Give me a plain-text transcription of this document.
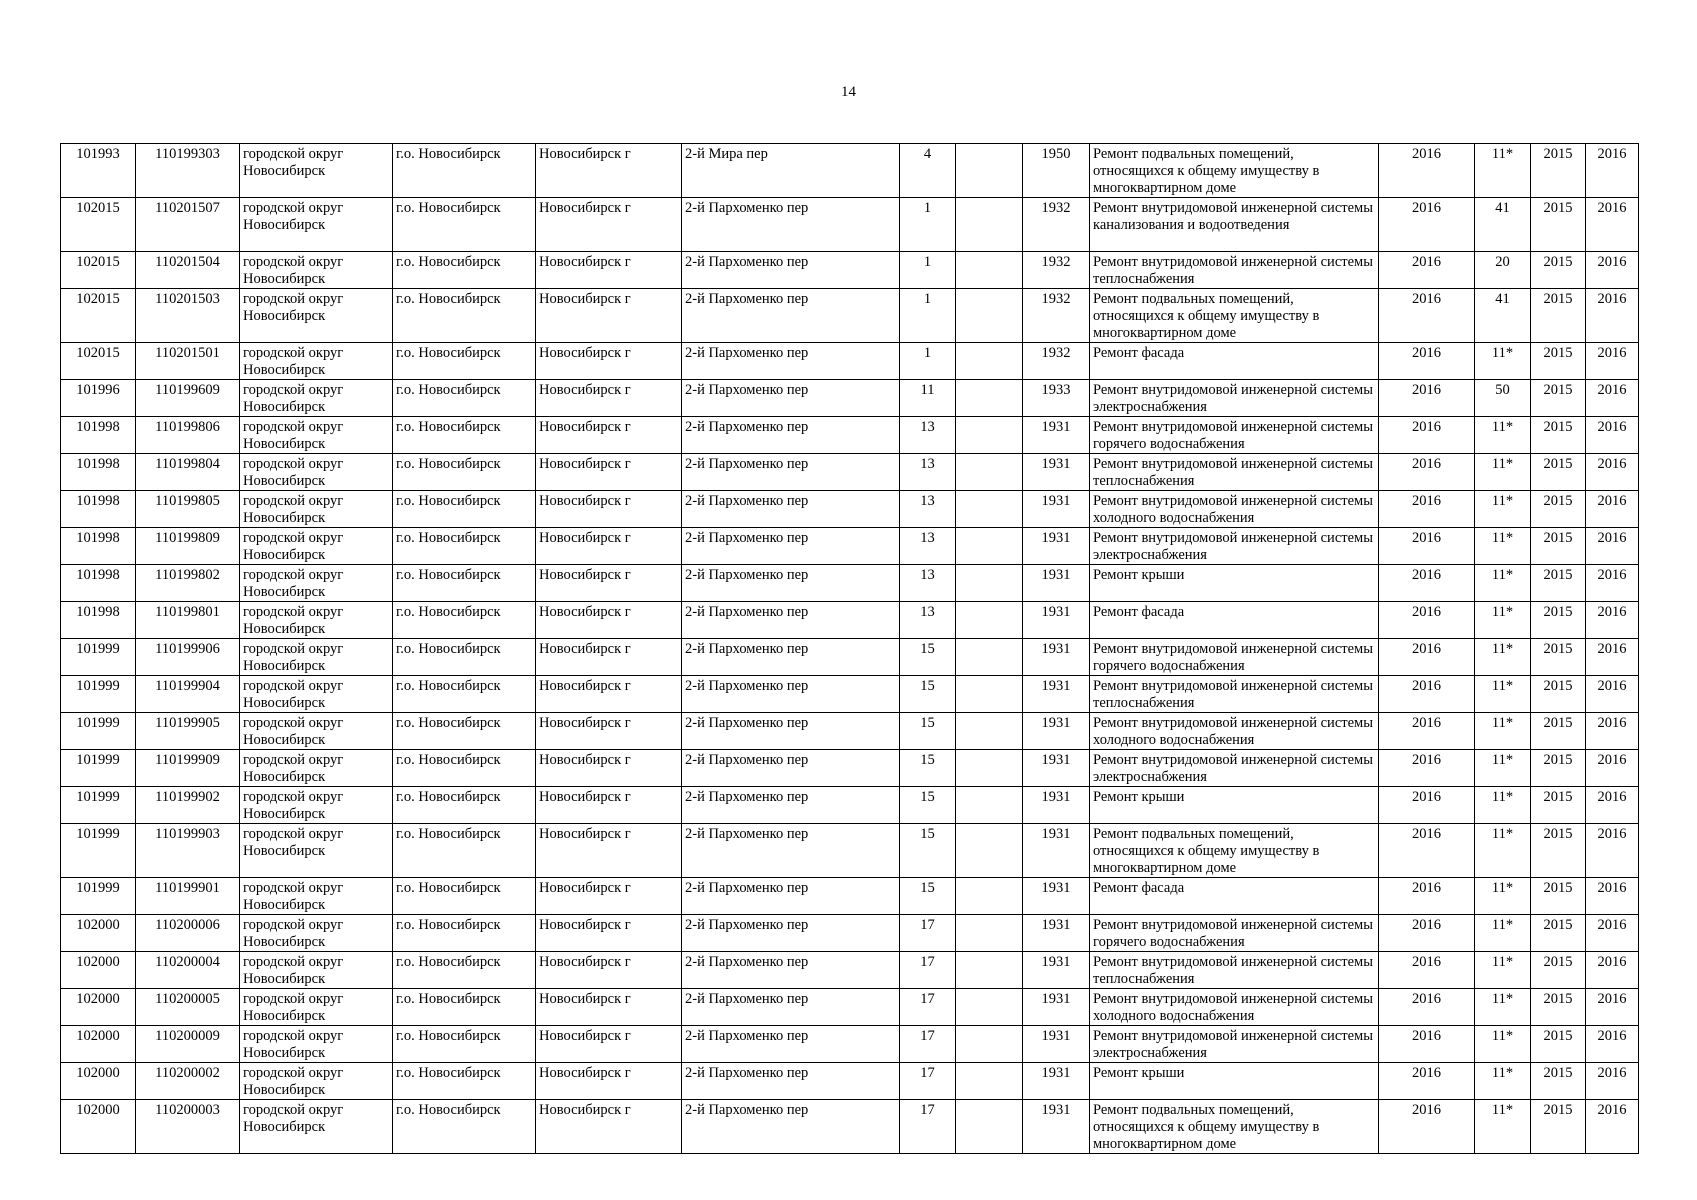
14
101993	110199303	городской округ Новосибирск	г.о. Новосибирск	Новосибирск г	2-й Мира пер	4		1950	Ремонт подвальных помещений, относящихся к общему имуществу в многоквартирном доме	2016	11*	2015	2016
102015	110201507	городской округ Новосибирск	г.о. Новосибирск	Новосибирск г	2-й Пархоменко пер	1		1932	Ремонт внутридомовой инженерной системы канализования и водоотведения	2016	41	2015	2016
102015	110201504	городской округ Новосибирск	г.о. Новосибирск	Новосибирск г	2-й Пархоменко пер	1		1932	Ремонт внутридомовой инженерной системы теплоснабжения	2016	20	2015	2016
102015	110201503	городской округ Новосибирск	г.о. Новосибирск	Новосибирск г	2-й Пархоменко пер	1		1932	Ремонт подвальных помещений, относящихся к общему имуществу в многоквартирном доме	2016	41	2015	2016
102015	110201501	городской округ Новосибирск	г.о. Новосибирск	Новосибирск г	2-й Пархоменко пер	1		1932	Ремонт фасада	2016	11*	2015	2016
101996	110199609	городской округ Новосибирск	г.о. Новосибирск	Новосибирск г	2-й Пархоменко пер	11		1933	Ремонт внутридомовой инженерной системы электроснабжения	2016	50	2015	2016
101998	110199806	городской округ Новосибирск	г.о. Новосибирск	Новосибирск г	2-й Пархоменко пер	13		1931	Ремонт внутридомовой инженерной системы горячего водоснабжения	2016	11*	2015	2016
101998	110199804	городской округ Новосибирск	г.о. Новосибирск	Новосибирск г	2-й Пархоменко пер	13		1931	Ремонт внутридомовой инженерной системы теплоснабжения	2016	11*	2015	2016
101998	110199805	городской округ Новосибирск	г.о. Новосибирск	Новосибирск г	2-й Пархоменко пер	13		1931	Ремонт внутридомовой инженерной системы холодного водоснабжения	2016	11*	2015	2016
101998	110199809	городской округ Новосибирск	г.о. Новосибирск	Новосибирск г	2-й Пархоменко пер	13		1931	Ремонт внутридомовой инженерной системы электроснабжения	2016	11*	2015	2016
101998	110199802	городской округ Новосибирск	г.о. Новосибирск	Новосибирск г	2-й Пархоменко пер	13		1931	Ремонт крыши	2016	11*	2015	2016
101998	110199801	городской округ Новосибирск	г.о. Новосибирск	Новосибирск г	2-й Пархоменко пер	13		1931	Ремонт фасада	2016	11*	2015	2016
101999	110199906	городской округ Новосибирск	г.о. Новосибирск	Новосибирск г	2-й Пархоменко пер	15		1931	Ремонт внутридомовой инженерной системы горячего водоснабжения	2016	11*	2015	2016
101999	110199904	городской округ Новосибирск	г.о. Новосибирск	Новосибирск г	2-й Пархоменко пер	15		1931	Ремонт внутридомовой инженерной системы теплоснабжения	2016	11*	2015	2016
101999	110199905	городской округ Новосибирск	г.о. Новосибирск	Новосибирск г	2-й Пархоменко пер	15		1931	Ремонт внутридомовой инженерной системы холодного водоснабжения	2016	11*	2015	2016
101999	110199909	городской округ Новосибирск	г.о. Новосибирск	Новосибирск г	2-й Пархоменко пер	15		1931	Ремонт внутридомовой инженерной системы электроснабжения	2016	11*	2015	2016
101999	110199902	городской округ Новосибирск	г.о. Новосибирск	Новосибирск г	2-й Пархоменко пер	15		1931	Ремонт крыши	2016	11*	2015	2016
101999	110199903	городской округ Новосибирск	г.о. Новосибирск	Новосибирск г	2-й Пархоменко пер	15		1931	Ремонт подвальных помещений, относящихся к общему имуществу в многоквартирном доме	2016	11*	2015	2016
101999	110199901	городской округ Новосибирск	г.о. Новосибирск	Новосибирск г	2-й Пархоменко пер	15		1931	Ремонт фасада	2016	11*	2015	2016
102000	110200006	городской округ Новосибирск	г.о. Новосибирск	Новосибирск г	2-й Пархоменко пер	17		1931	Ремонт внутридомовой инженерной системы горячего водоснабжения	2016	11*	2015	2016
102000	110200004	городской округ Новосибирск	г.о. Новосибирск	Новосибирск г	2-й Пархоменко пер	17		1931	Ремонт внутридомовой инженерной системы теплоснабжения	2016	11*	2015	2016
102000	110200005	городской округ Новосибирск	г.о. Новосибирск	Новосибирск г	2-й Пархоменко пер	17		1931	Ремонт внутридомовой инженерной системы холодного водоснабжения	2016	11*	2015	2016
102000	110200009	городской округ Новосибирск	г.о. Новосибирск	Новосибирск г	2-й Пархоменко пер	17		1931	Ремонт внутридомовой инженерной системы электроснабжения	2016	11*	2015	2016
102000	110200002	городской округ Новосибирск	г.о. Новосибирск	Новосибирск г	2-й Пархоменко пер	17		1931	Ремонт крыши	2016	11*	2015	2016
102000	110200003	городской округ Новосибирск	г.о. Новосибирск	Новосибирск г	2-й Пархоменко пер	17		1931	Ремонт подвальных помещений, относящихся к общему имуществу в многоквартирном доме	2016	11*	2015	2016
